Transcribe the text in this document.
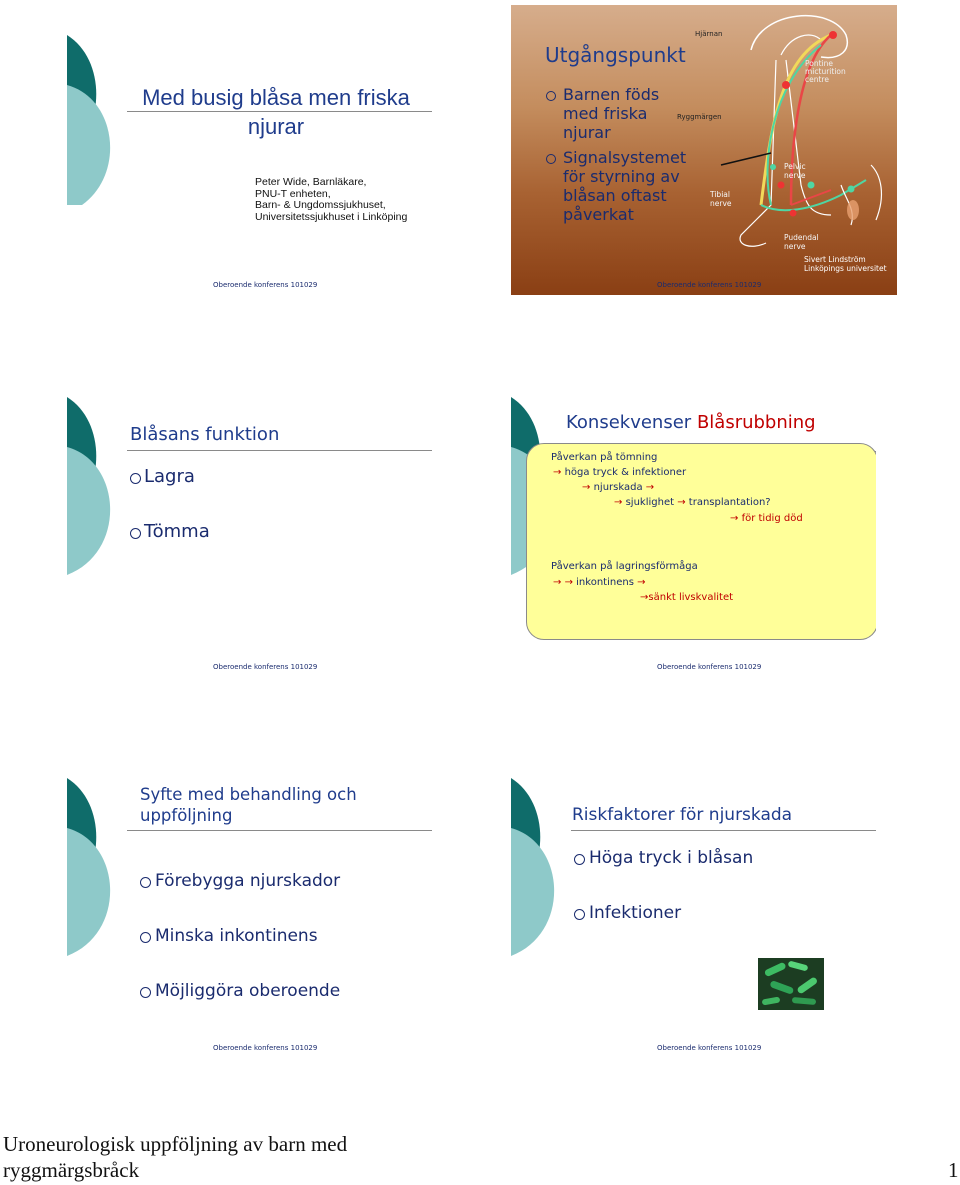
Med busig blåsa men friska njurar
Peter Wide, Barnläkare,
PNU-T enheten,
Barn- & Ungdomssjukhuset,
Universitetssjukhuset i Linköping
Oberoende konferens 101029
Utgångspunkt
Barnen föds med friska njurar
Signalsystemet för styrning av blåsan oftast påverkat
Hjärnan
Ryggmärgen
Pontine micturition centre
Pelvic nerve
Tibial nerve
Pudendal nerve
Sivert Lindström
Linköpings universitet
Oberoende konferens 101029
Blåsans funktion
Lagra
Tömma
Oberoende konferens 101029
Konsekvenser Blåsrubbning
Påverkan på tömning
→ höga tryck & infektioner
→ njurskada →
→ sjuklighet → transplantation?
→ för tidig död
Påverkan på lagringsförmåga
→ → inkontinens →
→sänkt livskvalitet
Oberoende konferens 101029
Syfte med behandling och uppföljning
Förebygga njurskador
Minska inkontinens
Möjliggöra oberoende
Oberoende konferens 101029
Riskfaktorer för njurskada
Höga tryck i blåsan
Infektioner
Oberoende konferens 101029
Uroneurologisk uppföljning av barn med
ryggmärgsbråck	1
